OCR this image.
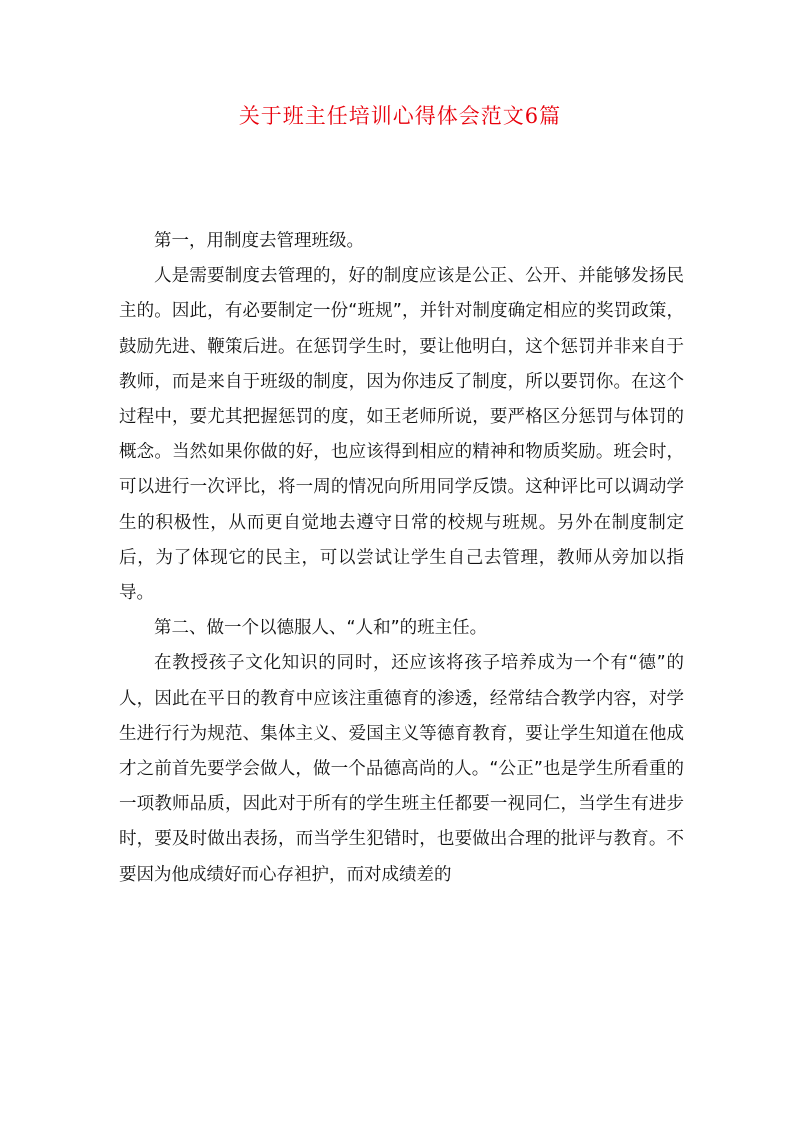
关于班主任培训心得体会范文6篇

第一，用制度去管理班级。

人是需要制度去管理的，好的制度应该是公正、公开、并能够发扬民主的。因此，有必要制定一份“班规”，并针对制度确定相应的奖罚政策，鼓励先进、鞭策后进。在惩罚学生时，要让他明白，这个惩罚并非来自于教师，而是来自于班级的制度，因为你违反了制度，所以要罚你。在这个过程中，要尤其把握惩罚的度，如王老师所说，要严格区分惩罚与体罚的概念。当然如果你做的好，也应该得到相应的精神和物质奖励。班会时，可以进行一次评比，将一周的情况向所用同学反馈。这种评比可以调动学生的积极性，从而更自觉地去遵守日常的校规与班规。另外在制度制定后，为了体现它的民主，可以尝试让学生自己去管理，教师从旁加以指导。

第二、做一个以德服人、“人和”的班主任。

在教授孩子文化知识的同时，还应该将孩子培养成为一个有“德”的人，因此在平日的教育中应该注重德育的渗透，经常结合教学内容，对学生进行行为规范、集体主义、爱国主义等德育教育，要让学生知道在他成才之前首先要学会做人，做一个品德高尚的人。“公正”也是学生所看重的一项教师品质，因此对于所有的学生班主任都要一视同仁，当学生有进步时，要及时做出表扬，而当学生犯错时，也要做出合理的批评与教育。不要因为他成绩好而心存袒护，而对成绩差的
